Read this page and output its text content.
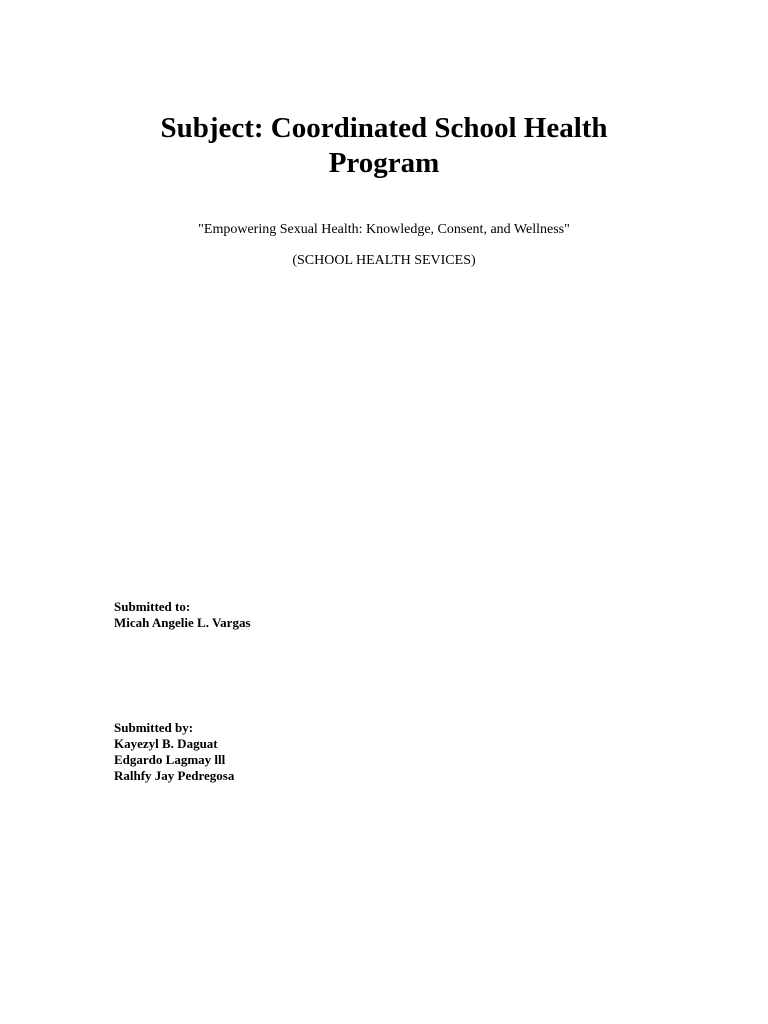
Subject: Coordinated School Health
Program

"Empowering Sexual Health: Knowledge, Consent, and Wellness"

(SCHOOL HEALTH SEVICES)

Submitted to:
Micah Angelie L. Vargas
Submitted by:
Kayezyl B. Daguat
Edgardo Lagmay lll
Ralhfy Jay Pedregosa
